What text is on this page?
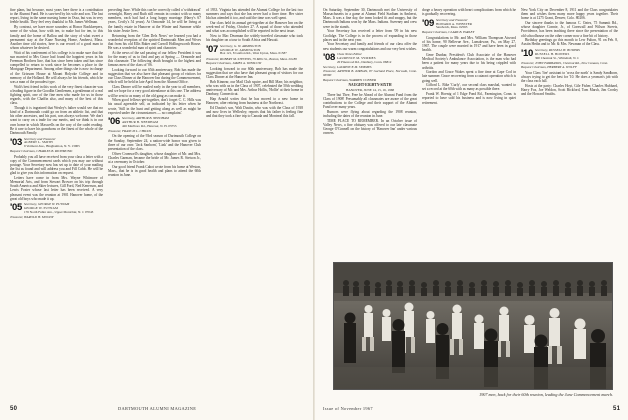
fine plans, but because, most years here there is a contribution to the Alumni Fund. He is survived by his wife and son. The last report, living in the same nursing home in Ossa, but was in very feeble health. They feel very thankful to Mr. James Wellman.

By contrast, we have more sounders at Honor Bookkeepers, some of the whoa, how with ten, to make but for ten, to this family and the home of Ballou and the story of what sweet a permanent stay at the Kane Nursing Home, Amherst, Mass. Another time old stories, here is our record of a good man to whom whatever he desired.

Wait of his conferment of his college is to make sure that the sun married to Mrs Grace had found the happiest years in his Freeman Brothers line, that has since been taken and has since compelled to return to work since he becomes a place in the Mortgage Department. Among other things she is now in charge of the Grissom House at Mount Holyoke College and in memory of the Holland. He will always be his friends, which he was a man of the proudest type.

Walt's best friend in this work of the very finest character was a leading figure in the Goodlin Gentlemen, a gentleman of a real fighting spirit, one of the fine men who made for us in those regards, with the Chaffin also, and many of the best of this class.

Though it is ingrained that Wesley's father would see that no kind of a Dartmouth could go on from an athletic list, and that his other ancestors, and his part, was always welcome. We don't want to carry on a trade for our merits, and we think is in our own home in which Maxwells on the way of the cadet reading. Be it rare to have his grandsons or the finest of the whole of the Dartmouth Family.

'03 Secretary and Treasurer
ALBERT L. SMITH
9 Vermont Ave., Binghamton, N. Y. 13905

Bequest Chairman, CHARLES B. RICHMOND

Probably you all have received from your class a letter with a copy of the Commencement cards which you may use without postage. Your Secretary now has set up to date of your mailing the list as found and will address you and Fill Cobb. He will be glad to give you this information on request.

Letters have come in from Mrs. Wayne Whitmore of Memorial Arts, and from Stewart Brower on his trip through South America and Skier lectures, Gill Ford, Ned Kenerson, and Lewis Foster whose last letter has been received. A very pleasant event was the reunion at 1901 Hanover home, of the great old boys who made it up.

'05 Secretary, GEORGE W. PUTNAM
GEORGE W. PUTNAM
176 North Fuller Ave., Upper Montclair, N. J. 07043

Treasurer, HAROLD H. MOODY

preceding June. While this can be correctly called a 'withdrawal' overnight, Harry and Ruth still remain in contact with so many members, each had had a long happy marriage (Harry's 67 years, Cecily's 54 years). At Ormonde 14, he will be living at the family estate in Hanover at the Winter and Summer while his sister Jessie lives.

Returning from the 'Glen Dels News' we learned you had a wonderful reception of the spirited Dartmouth Men and Wives that from his old Ellis Baker and Carroll Hollingsworth House. He was a wonderful man of spirit and character.

At the news of the sad passing of our fellow President it was for the many of us to find and pay at Spring — Ormonde and this classmate. The following death brought to the highest and famous men of the class of '06.

Looking forward to our 65th anniversary, Bob has made the suggestion that we also have that pleasant group of visitors for our Class Dinner at the Hanover Inn during the Commencement, which will be held in late April from the Alumni Office.

Class Dinner will be mailed early in the year to all members, and we hope for a very good attendance at this one. The address will be sent to as many of the old gang as can make it.

When good fellows-get-together, don't forget C. C. Hills was his usual agreeable self, as indicated by his letter when he wrote, 'Still in the hunt and getting along as well as might be expected under the circumstances — no complaint.'

'06 Secretary, ARTHUR B. NEEDHAM
ARTHUR B. NEEDHAM
426 Marlboro Rd., Hanover, N. H. 03755

Treasurer, FRANCIS L. CHILDS

On the opening of the 93rd season of Dartmouth College on the Sunday, September 24, a nation-wide honor was given to three of our own: 'Jack Sanborn', 'Link' and the Hanover Club presentation of the class.

Oliver Cromwell's daughter, whose daughter of Mr. and Mrs. Charles Garman, became the bride of Mr. James R. Stetson Jr., at a ceremony in October.

Our good friend Frank Cabot wrote from his home at Weston, Mass., that he is in good health and plans to attend the 60th reunion in June.

of 1933. Virginia has attended the Alumni College for the last two summers and says that she has never had a finer time. Her sister Ida has attended it too, and said the time was well spent.

Our class held its annual get-together at the Hanover Inn on the week-end of Friday, October 27. A squad of those who attended and what was accomplished will be reported in the next issue.

Now to Mac Dearman the widely-traveled classmate who took his daughter on a tour to South Africa and Hawaii.

'07 Secretary, G. W. ARMINGTON
GEORGE W. ARMINGTON
Box 121, 8 Grafton Rd., West Upton, Mass. 01587

Treasurer, ROBERT M. STEVENS, 79 Mills St., Boston, Mass. 02180

Bequest Chairman, JAMES A. WINSLOW

Looking forward to our 60th anniversary, Bob has made the suggestion that we also have that pleasant group of visitors for our Class Dinner at the Hanover Inn.

Bob Kinnear, our Mail Club squire, and Bill Marr, his neighbor, who was with us in the Class of 1907, celebrated the 50th wedding anniversary of Mr. and Mrs. Arthur Hollis, 'Hollie' at their home in Danbury, Connecticut.

Hap Arnold writes that he has moved to a new home in Hanover, after retiring from business at the Northeast.

Ed Dustin's son, Walt Dustin, who was with the Class of 1938 and now lives in Wellesley, reports that his father is feeling fine and that they took a fine trip to Canada and Montreal this fall.

50	DARTMOUTH ALUMNI MAGAZINE

On Saturday, September 30, Dartmouth met the University of Massachusetts in a game at Alumni Field Stadium in Amherst, Mass. It was a fine day, the team looked fit and snappy, but the Dartmouth Indians won by the Mass. Indians. Sweeney and crew were in the stands.

Your Secretary has received a letter from '09 in his new Coolidge. The College is in the process of expanding in those places and in the next year.

Your Secretary and family and friends of our class offer the new students our warm congratulations and our very best wishes.

'08 Class Notes Editor
LAURENCE M. SYMMES
20 Pinewood Rd., Danbury, Conn. 06812

Secretary, LAURENCE M. SYMMES

Treasurer, ARTHUR B. KIRNAN, 87 Garland Place, Norwalk, Conn. 06580

Bequest Chairman, WARREN CONNER

NAUGHT-EIGHTY-SIXTH

HANOVER, JUNE 14, 15, 16, 1968

There but Thee, Free be Ahead of the Alumni Fund from the Class of 1908! Presumably all classmates are aware of the great contributions to the College and their support of the Alumni Fund over many years.

Rumors were flying about regarding the 1908 reunion, including the dates of the reunion in June.

TIME PLACE TO REMEMBER. In an October issue of Valley News, a fine obituary was offered to our late classmate George O'Connell on the history of 'Hanover Inn' under various owners.

dorge a heavy operation with heart complications from which he is gradually recovering.

'09 Secretary and Treasurer
HOWARD A. WEBSTER
Sandwich, Mass. 02563

Bequest Chairman, CLARK B. FARLEY

Congratulations to Mr. and Mrs. William Thompson Atwood of his home, 90 Bellevue Ave., Lansdowne, Pa., on May 27, 1967. The couple were married in 1917 and have been in good health.

Gene Dunbar, President's Club Associate of the Hanover Medical Society's Ambulance Association, is the man who had been a patient for many years due to his being crippled with arthritis.

Gordon and Grace Wakes spent a fine time at Cape Cod in late summer. Grace recovering from a cataract operation which is going well.

Gifford L. Bike 'Curly', our second class marshal, wanted to set a record at the 60th with as many as possible there.

Frank W. Hoenig of 1 Edge Pond Rd., Farmington, Conn. is reported to have sold his business and is now living in quiet retirement.

New York City on December 8, 1911 and the Class congratulates them and wishes them many more happy years together. Their home is at 1275 Grant, Denver, Colo. 80206.

Our sincere thanks to the famous C. Oates, 75 Summit Rd., whose daughter Connie, Jr., of Cornwall and Wilson Streets, Providence, has been teaching there since the presentation of the old schoolhouse on the other corner now a fine bit of history.

Birthday greetings go this month to Lew Fulton, 91 on Feb. 8, Austin Hedin and to Mr. & Mrs. Newman of the Class.

'10 Secretary, RUSSELL H. BOWERS
RUSSELL H. BOWERS
300 Chestnut St., Whitehall, N. J.

Treasurer, JOHN FAIRBANKS, Chestnut Rd., New Canaan, Conn.

Bequest Chairman, HERBERT A. WOLFF

Your Class 'fire' assistant to 'cross the north' is Sandy Sandborn, always trying to get the best for '10. He does a yeoman's job with the class each fall.

Hosts at the party: Charles Hoyt, Gile Fisher, Charles Hubbard, Harry Fox, Joe Weldon, Scott Bickford, Tom Marsh, Jim Crosby and the Howard Smiths.

Issue of November 1967	51
1907 men, back for their 60th reunion, leading the June Commencement march.
